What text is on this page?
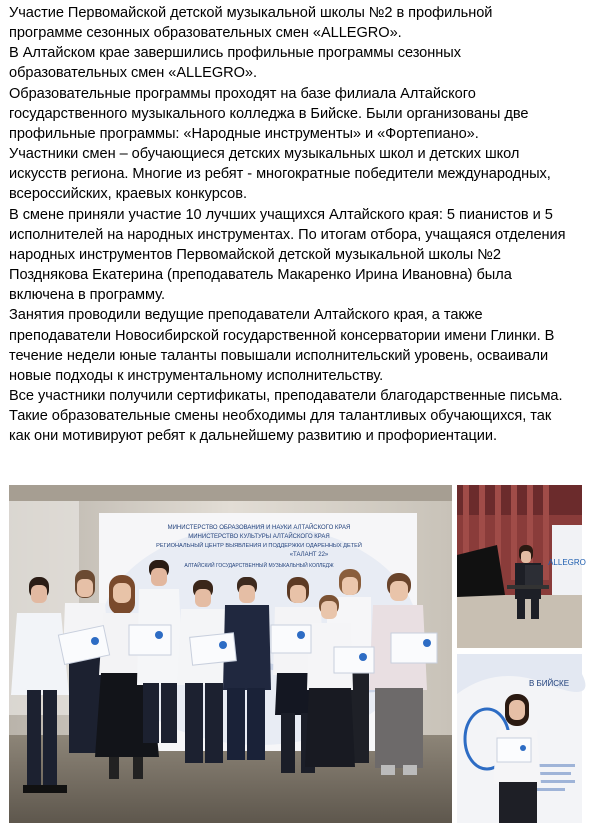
Участие Первомайской детской музыкальной школы №2 в профильной

программе сезонных образовательных смен «ALLEGRO».

В Алтайском крае завершились профильные программы сезонных

образовательных смен «ALLEGRO».

Образовательные программы проходят на базе филиала Алтайского

государственного музыкального колледжа в Бийске. Были организованы две

профильные программы: «Народные инструменты» и «Фортепиано».

Участники смен – обучающиеся детских музыкальных школ и детских школ

искусств региона. Многие из ребят - многократные победители международных,

всероссийских, краевых конкурсов.

В смене приняли участие 10 лучших учащихся Алтайского края: 5 пианистов и 5

исполнителей на народных инструментах. По итогам отбора, учащаяся отделения

народных инструментов Первомайской детской музыкальной школы №2

Позднякова Екатерина (преподаватель Макаренко Ирина Ивановна) была

включена в программу.

Занятия проводили ведущие преподаватели Алтайского края, а также

преподаватели Новосибирской государственной консерватории имени Глинки. В

течение недели юные таланты повышали исполнительский уровень, осваивали

новые подходы к инструментальному исполнительству.

Все участники получили сертификаты, преподаватели благодарственные письма.

Такие образовательные смены необходимы для талантливых обучающихся, так

как они мотивируют ребят к дальнейшему развитию и профориентации.

МИНИСТЕРСТВО ОБРАЗОВАНИЯ И НАУКИ АЛТАЙСКОГО КРАЯ
МИНИСТЕРСТВО КУЛЬТУРЫ АЛТАЙСКОГО КРАЯ
РЕГИОНАЛЬНЫЙ ЦЕНТР ВЫЯВЛЕНИЯ И ПОДДЕРЖКИ ОДАРЕННЫХ ДЕТЕЙ
«ТАЛАНТ 22»
АЛТАЙСКИЙ ГОСУДАРСТВЕННЫЙ МУЗЫКАЛЬНЫЙ КОЛЛЕДЖ	ALLEGRO
В БИЙСКЕ
